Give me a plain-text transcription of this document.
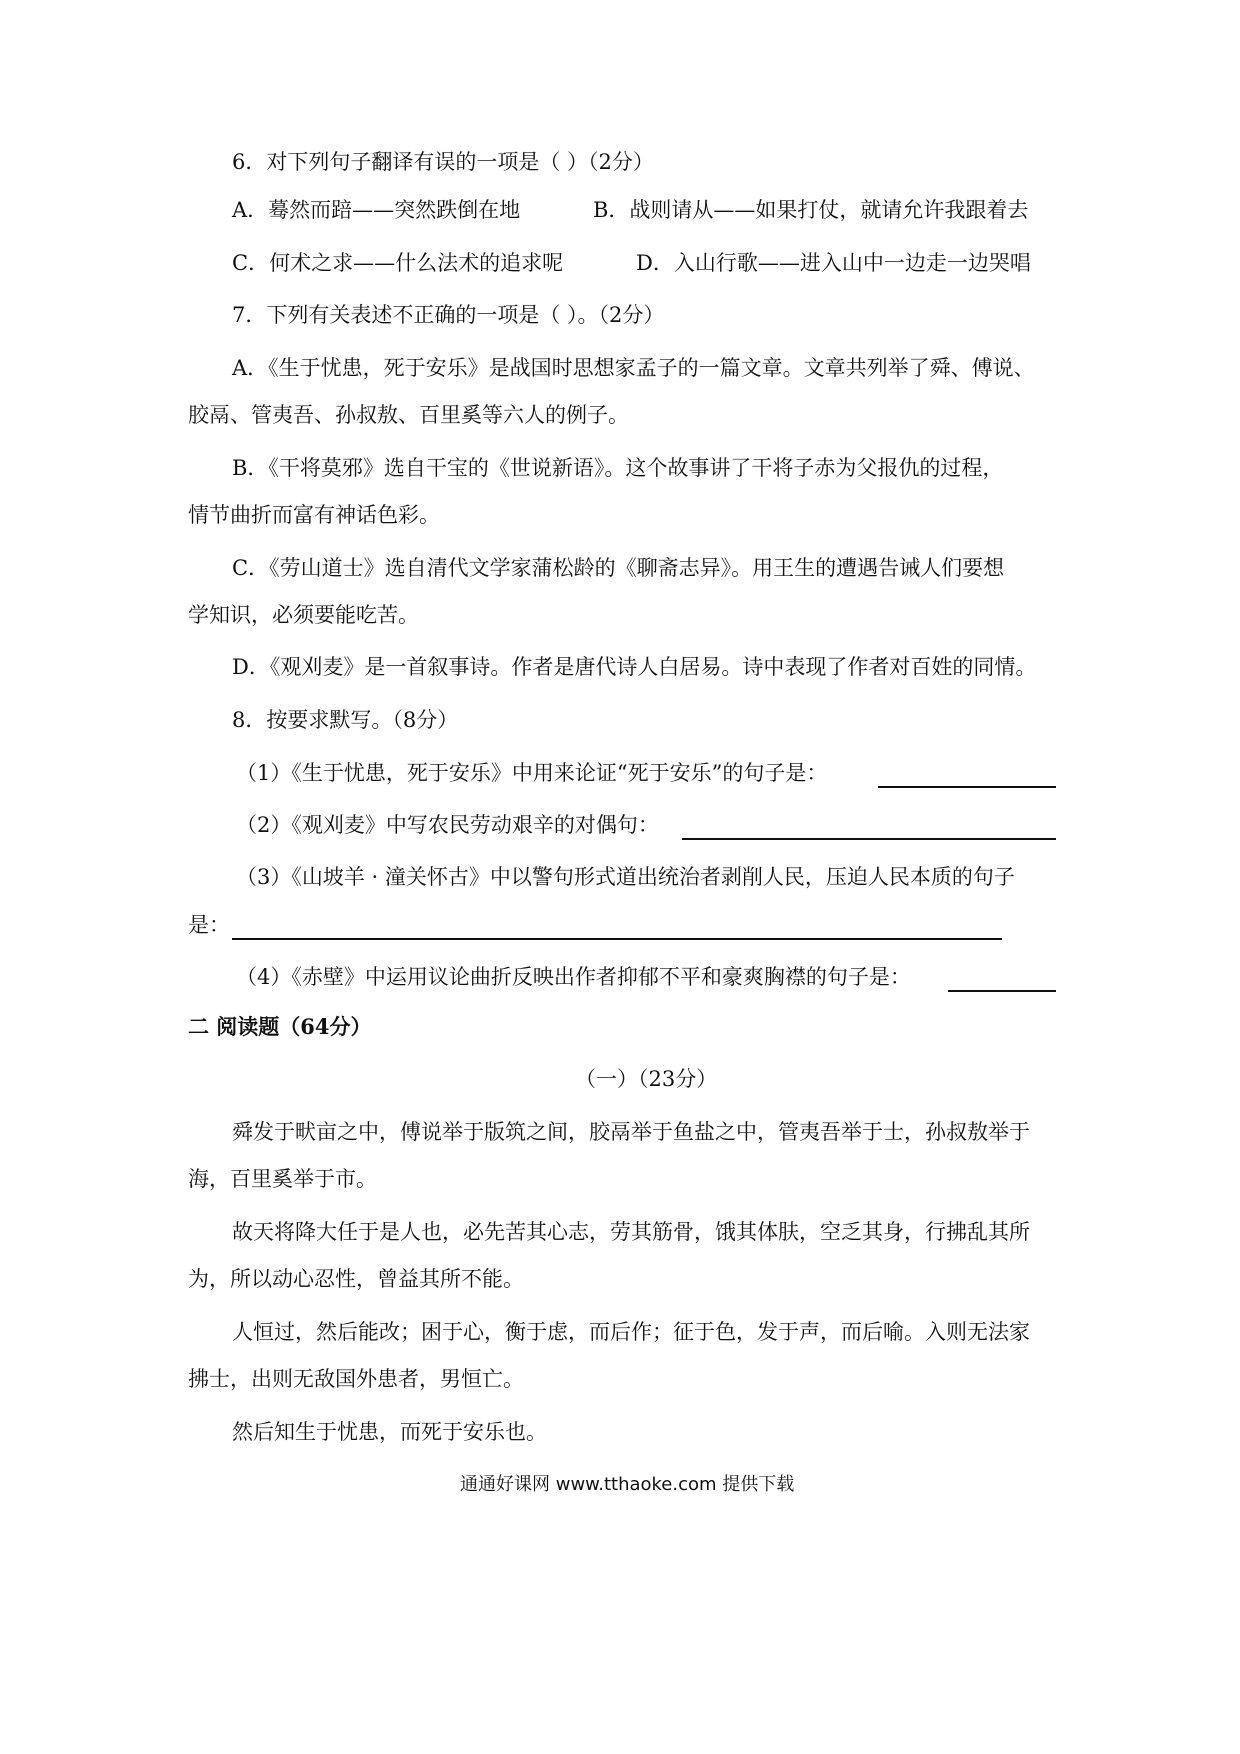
6．对下列句子翻译有误的一项是（ ）（2分）

A．蓦然而踣——突然跌倒在地	B．战则请从——如果打仗，就请允许我跟着去

C．何术之求——什么法术的追求呢	D．入山行歌——进入山中一边走一边哭唱

7．下列有关表述不正确的一项是（ ）。（2分）

A．《生于忧患，死于安乐》是战国时思想家孟子的一篇文章。文章共列举了舜、傅说、

胶鬲、管夷吾、孙叔敖、百里奚等六人的例子。

B．《干将莫邪》选自干宝的《世说新语》。这个故事讲了干将子赤为父报仇的过程，

情节曲折而富有神话色彩。

C．《劳山道士》选自清代文学家蒲松龄的《聊斋志异》。用王生的遭遇告诫人们要想

学知识，必须要能吃苦。

D．《观刈麦》是一首叙事诗。作者是唐代诗人白居易。诗中表现了作者对百姓的同情。

8．按要求默写。（8分）

（1）《生于忧患，死于安乐》中用来论证“死于安乐”的句子是：

（2）《观刈麦》中写农民劳动艰辛的对偶句：

（3）《山坡羊 · 潼关怀古》中以警句形式道出统治者剥削人民，压迫人民本质的句子

是：

（4）《赤壁》中运用议论曲折反映出作者抑郁不平和豪爽胸襟的句子是：

二 阅读题（64分）

（一）（23分）

舜发于畎亩之中，傅说举于版筑之间，胶鬲举于鱼盐之中，管夷吾举于士，孙叔敖举于

海，百里奚举于市。

故天将降大任于是人也，必先苦其心志，劳其筋骨，饿其体肤，空乏其身，行拂乱其所

为，所以动心忍性，曾益其所不能。

人恒过，然后能改；困于心，衡于虑，而后作；征于色，发于声，而后喻。入则无法家

拂士，出则无敌国外患者，男恒亡。

然后知生于忧患，而死于安乐也。

通通好课网 www.tthaoke.com 提供下载
